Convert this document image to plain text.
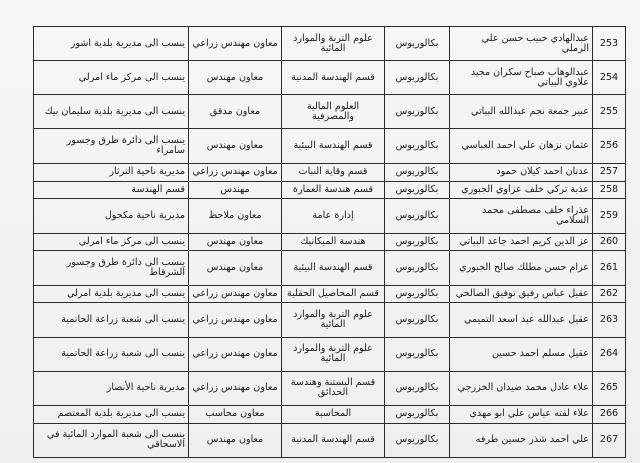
253	عبدالهادي حبيب حسن علي الرملي	بكالوريوس	علوم التربة والموارد المائية	معاون مهندس زراعي	ينسب الى مديرية بلدية اشور
254	عبدالوهاب صباح سكران مجيد علاوي البياتي	بكالوريوس	قسم الهندسة المدنية	معاون مهندس	ينسب الى مركز ماء امرلي
255	عبير جمعة نجم عبدالله البياتي	بكالوريوس	العلوم المالية والمصرفية	معاون مدقق	ينسب الى مديرية بلدية سليمان بيك
256	عثمان نزهان علي احمد العباسي	بكالوريوس	قسم الهندسة البيئية	معاون مهندس	ينسب الى دائرة طرق وجسور سامراء
257	عدنان احمد كيلان حمود	بكالوريوس	قسم وقاية النبات	معاون مهندس زراعي	مديرية ناحية الترثار
258	عذبة تركي خلف عزاوي الجبوري	بكالوريوس	قسم هندسة العمارة	مهندس	قسم الهندسة
259	عذراء خلف مصطفى محمد السلامي	بكالوريوس	إدارة عامة	معاون ملاحظ	مديرية ناحية مكحول
260	عز الدين كريم احمد جاعد البياتي	بكالوريوس	هندسة الميكانيك	معاون مهندس	ينسب الى مركز ماء امرلي
261	عزام حسن مطلك صالح الجبوري	بكالوريوس	قسم الهندسة البيئية	معاون مهندس	ينسب الى دائرة طرق وجسور الشرقاط
262	عقيل عباس رفيق توفيق الصالحي	بكالوريوس	قسم المحاصيل الحقلية	معاون مهندس زراعي	ينسب الى مديرية بلدية امرلي
263	عقيل عبدالله عبد اسعد التميمي	بكالوريوس	علوم التربة والموارد المائية	معاون مهندس زراعي	ينسب الى شعبة زراعة الحاتمية
264	عقيل مسلم احمد حسين	بكالوريوس	علوم التربة والموارد المائية	معاون مهندس زراعي	ينسب الى شعبة زراعة الحاتمية
265	علاء عادل محمد ضيدان الخزرجي	بكالوريوس	قسم البستنة وهندسة الحدائق	معاون مهندس زراعي	مديرية ناحية الأنصار
266	علاء لفته عباس علي ابو مهدي	بكالوريوس	المحاسبة	معاون محاسب	ينسب الى مديرية بلدية المعتصم
267	علي احمد شذر حسين طرفه	بكالوريوس	قسم الهندسة المدنية	معاون مهندس	ينسب الى شعبة الموارد المائية في الاسحاقي
